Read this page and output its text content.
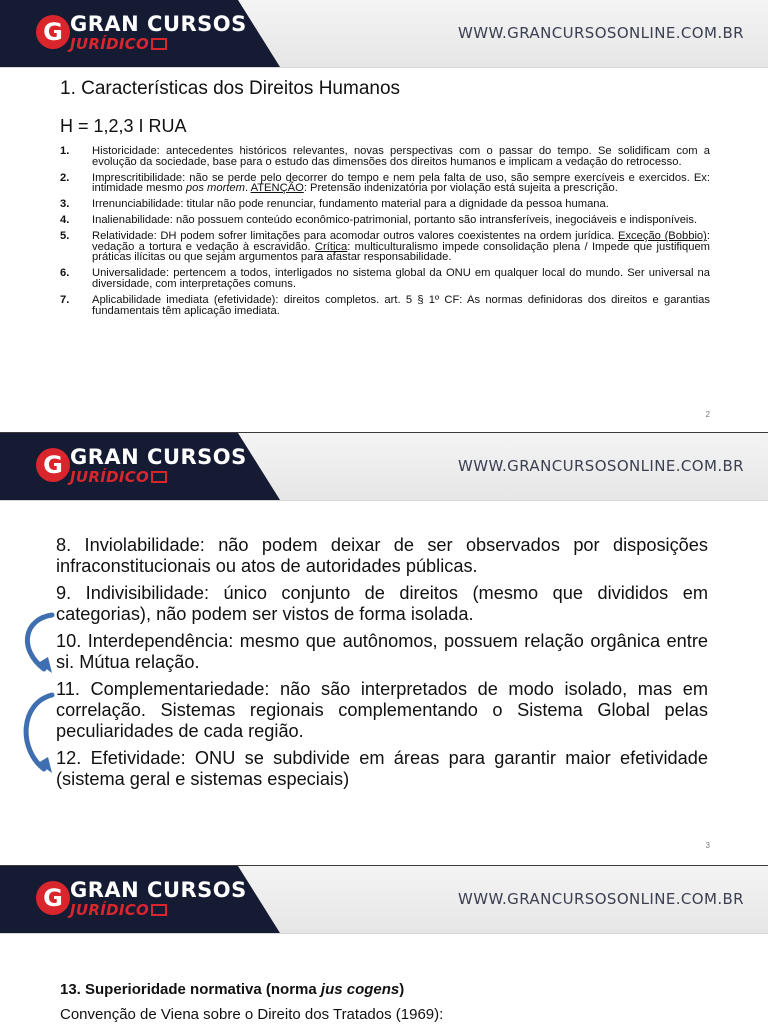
G GRAN CURSOS
JURÍDICO
WWW.GRANCURSOSONLINE.COM.BR
1. Características dos Direitos Humanos
H = 1,2,3 I RUA
1.	Historicidade: antecedentes históricos relevantes, novas perspectivas com o passar do tempo. Se solidificam com a evolução da sociedade, base para o estudo das dimensões dos direitos humanos e implicam a vedação do retrocesso.
2.	Imprescritibilidade: não se perde pelo decorrer do tempo e nem pela falta de uso, são sempre exercíveis e exercidos. Ex: intimidade mesmo pos mortem. ATENÇÃO: Pretensão indenizatória por violação está sujeita a prescrição.
3.	Irrenunciabilidade: titular não pode renunciar, fundamento material para a dignidade da pessoa humana.
4.	Inalienabilidade: não possuem conteúdo econômico-patrimonial, portanto são intransferíveis, inegociáveis e indisponíveis.
5.	Relatividade: DH podem sofrer limitações para acomodar outros valores coexistentes na ordem jurídica. Exceção (Bobbio): vedação a tortura e vedação à escravidão. Crítica: multiculturalismo impede consolidação plena / Impede que justifiquem práticas ilícitas ou que sejam argumentos para afastar responsabilidade.
6.	Universalidade: pertencem a todos, interligados no sistema global da ONU em qualquer local do mundo. Ser universal na diversidade, com interpretações comuns.
7.	Aplicabilidade imediata (efetividade): direitos completos. art. 5 § 1º CF: As normas definidoras dos direitos e garantias fundamentais têm aplicação imediata.
2
G GRAN CURSOS
JURÍDICO
WWW.GRANCURSOSONLINE.COM.BR
8. Inviolabilidade: não podem deixar de ser observados por disposições infraconstitucionais ou atos de autoridades públicas.
9. Indivisibilidade: único conjunto de direitos (mesmo que divididos em categorias), não podem ser vistos de forma isolada.
10. Interdependência: mesmo que autônomos, possuem relação orgânica entre si. Mútua relação.
11. Complementariedade: não são interpretados de modo isolado, mas em correlação. Sistemas regionais complementando o Sistema Global pelas peculiaridades de cada região.
12. Efetividade: ONU se subdivide em áreas para garantir maior efetividade (sistema geral e sistemas especiais)
3
G GRAN CURSOS
JURÍDICO
WWW.GRANCURSOSONLINE.COM.BR
13. Superioridade normativa (norma jus cogens)
Convenção de Viena sobre o Direito dos Tratados (1969):
